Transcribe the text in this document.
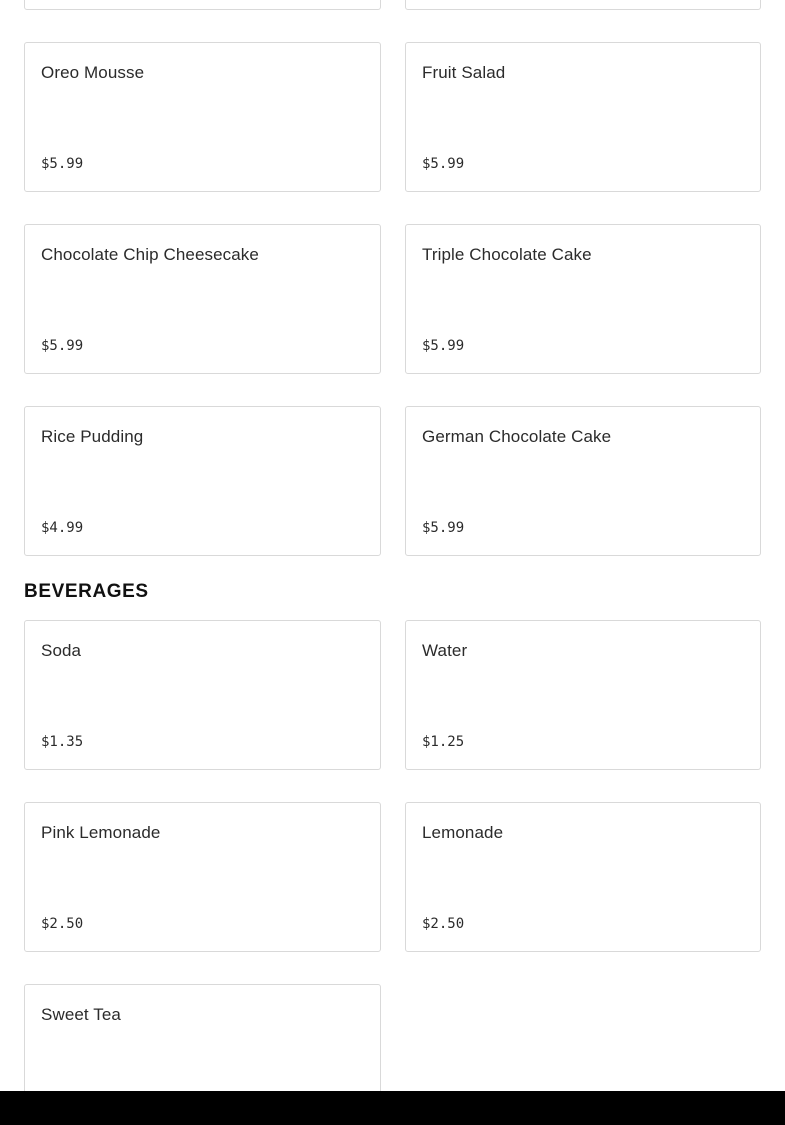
Oreo Mousse
$5.99
Fruit Salad
$5.99
Chocolate Chip Cheesecake
$5.99
Triple Chocolate Cake
$5.99
Rice Pudding
$4.99
German Chocolate Cake
$5.99
BEVERAGES
Soda
$1.35
Water
$1.25
Pink Lemonade
$2.50
Lemonade
$2.50
Sweet Tea
